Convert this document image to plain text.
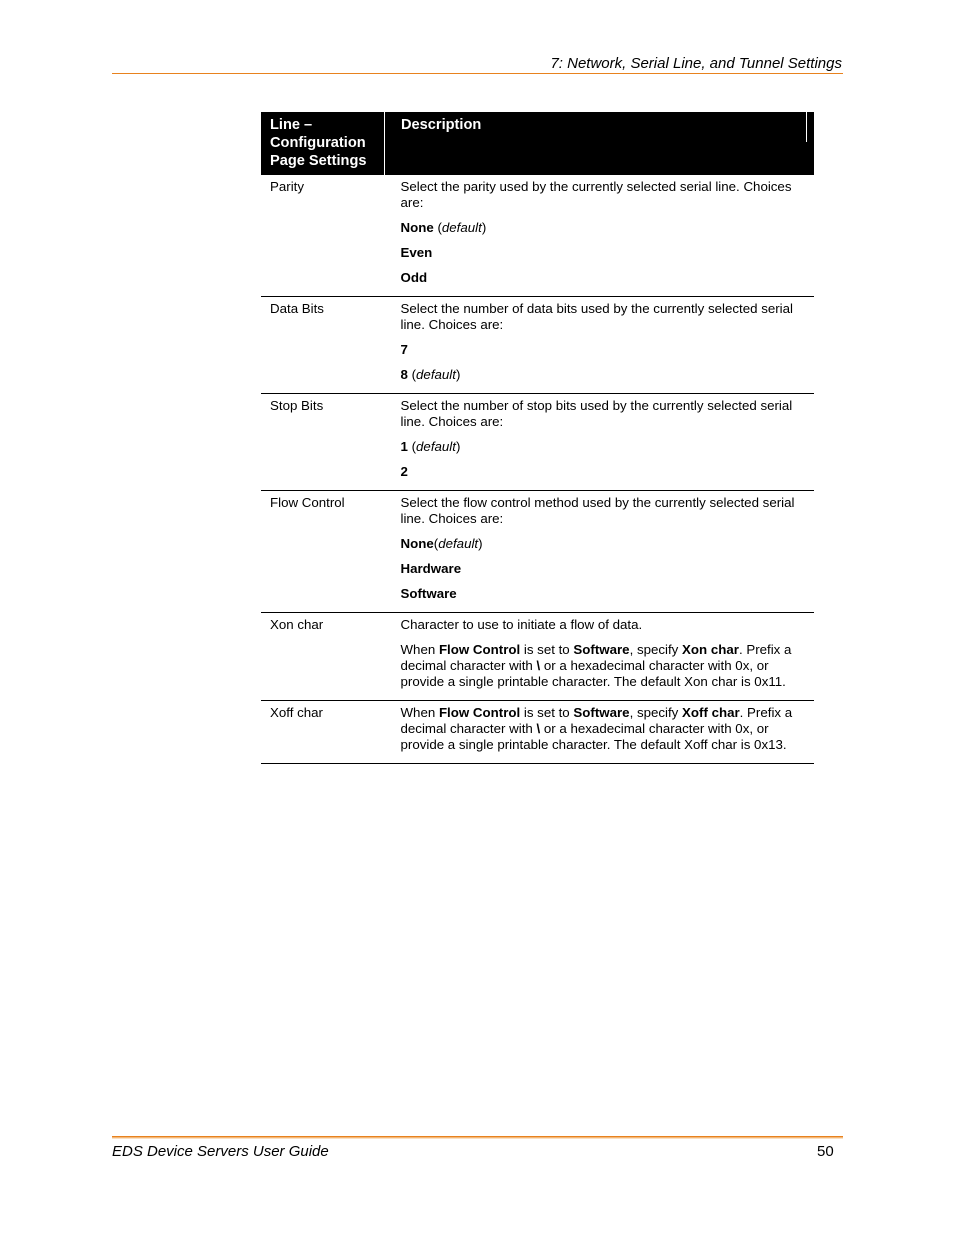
7: Network, Serial Line, and Tunnel Settings
Line –
Configuration
Page Settings	Description

Parity	Select the parity used by the currently selected serial line. Choices are:

None (default)

Even

Odd

Data Bits	Select the number of data bits used by the currently selected serial line. Choices are:

7

8 (default)

Stop Bits	Select the number of stop bits used by the currently selected serial line. Choices are:

1 (default)

2

Flow Control	Select the flow control method used by the currently selected serial line. Choices are:

None(default)

Hardware

Software

Xon char	Character to use to initiate a flow of data.

When Flow Control is set to Software, specify Xon char. Prefix a decimal character with \ or a hexadecimal character with 0x, or provide a single printable character. The default Xon char is 0x11.

Xoff char	When Flow Control is set to Software, specify Xoff char. Prefix a decimal character with \ or a hexadecimal character with 0x, or provide a single printable character. The default Xoff char is 0x13.

EDS Device Servers User Guide	50
